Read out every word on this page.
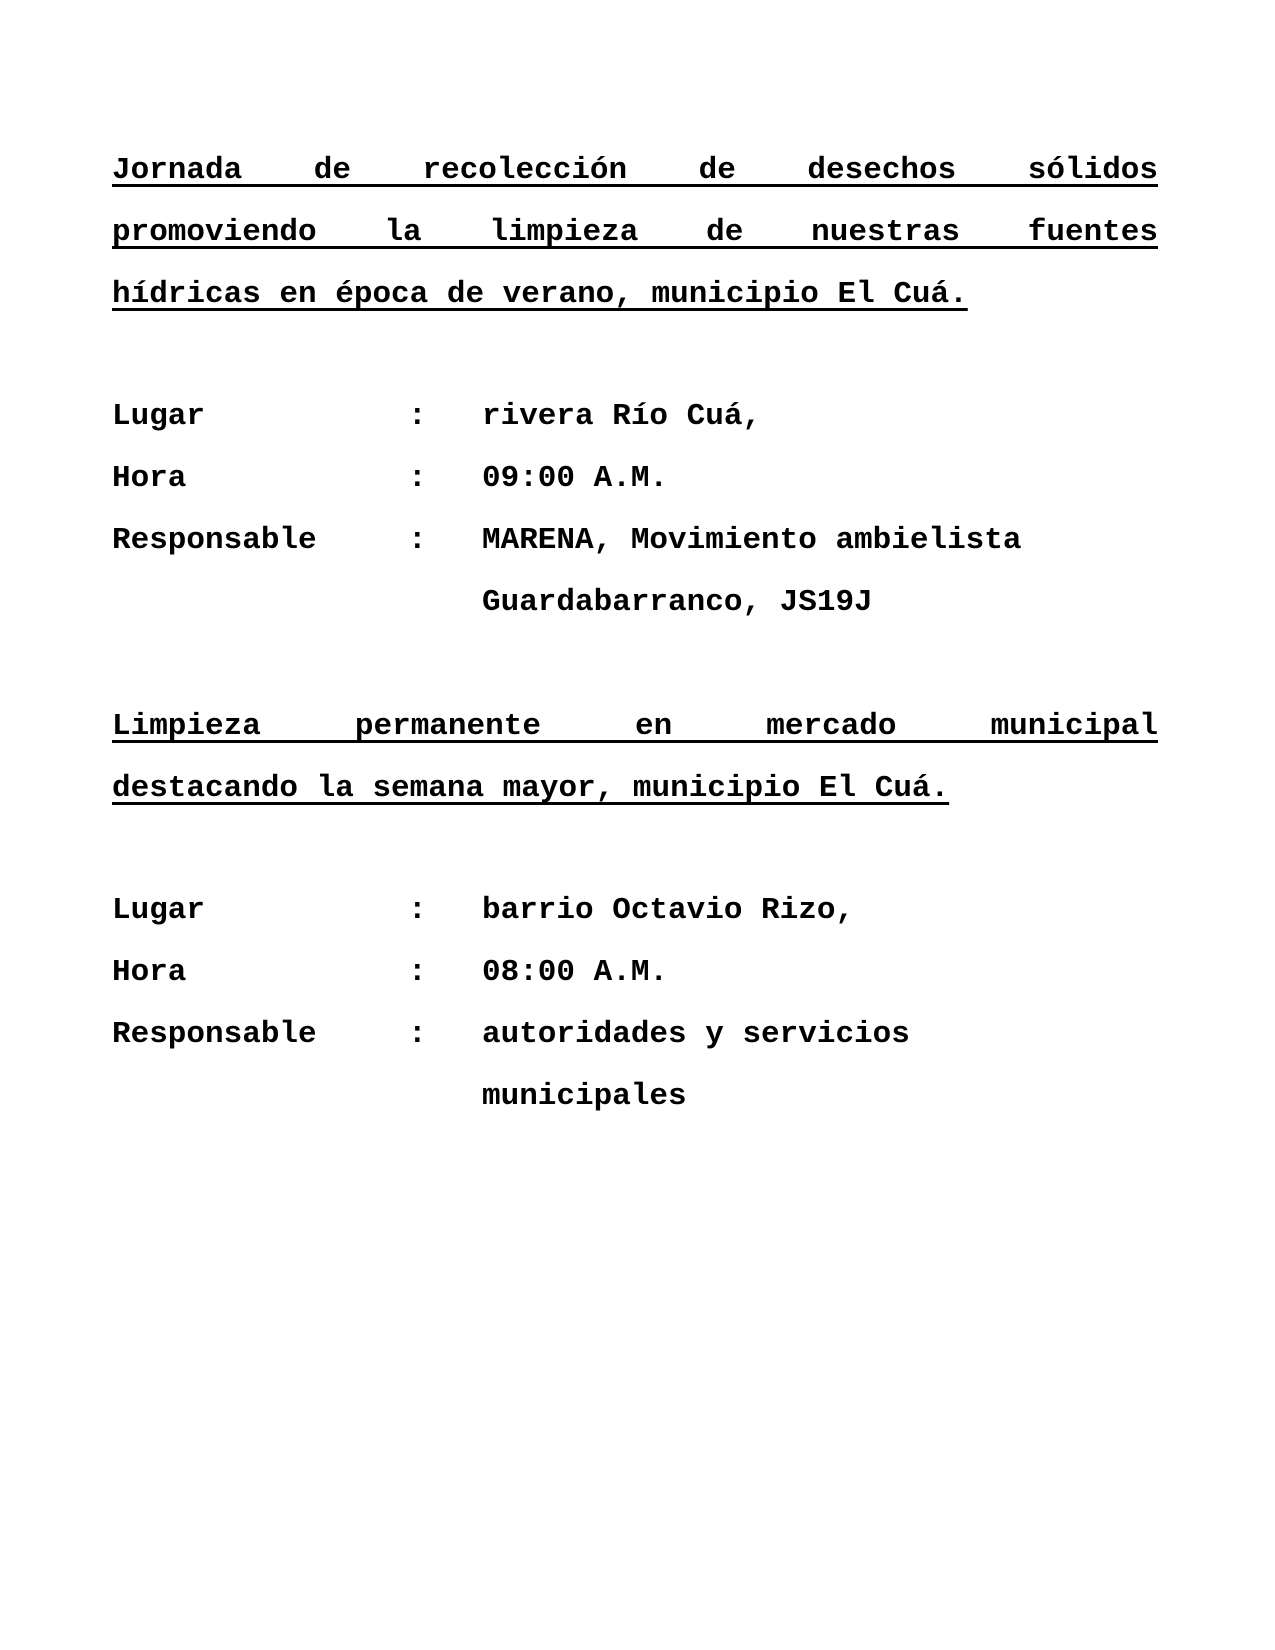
Jornada de recolección de desechos sólidos
promoviendo la limpieza de nuestras fuentes
hídricas en época de verano, municipio El Cuá.
Lugar	: rivera Río Cuá,
Hora	: 09:00 A.M.
Responsable	: MARENA, Movimiento ambielista
Guardabarranco, JS19J
Limpieza permanente en mercado municipal
destacando la semana mayor, municipio El Cuá.
Lugar	: barrio Octavio Rizo,
Hora	: 08:00 A.M.
Responsable	: autoridades y servicios
municipales
